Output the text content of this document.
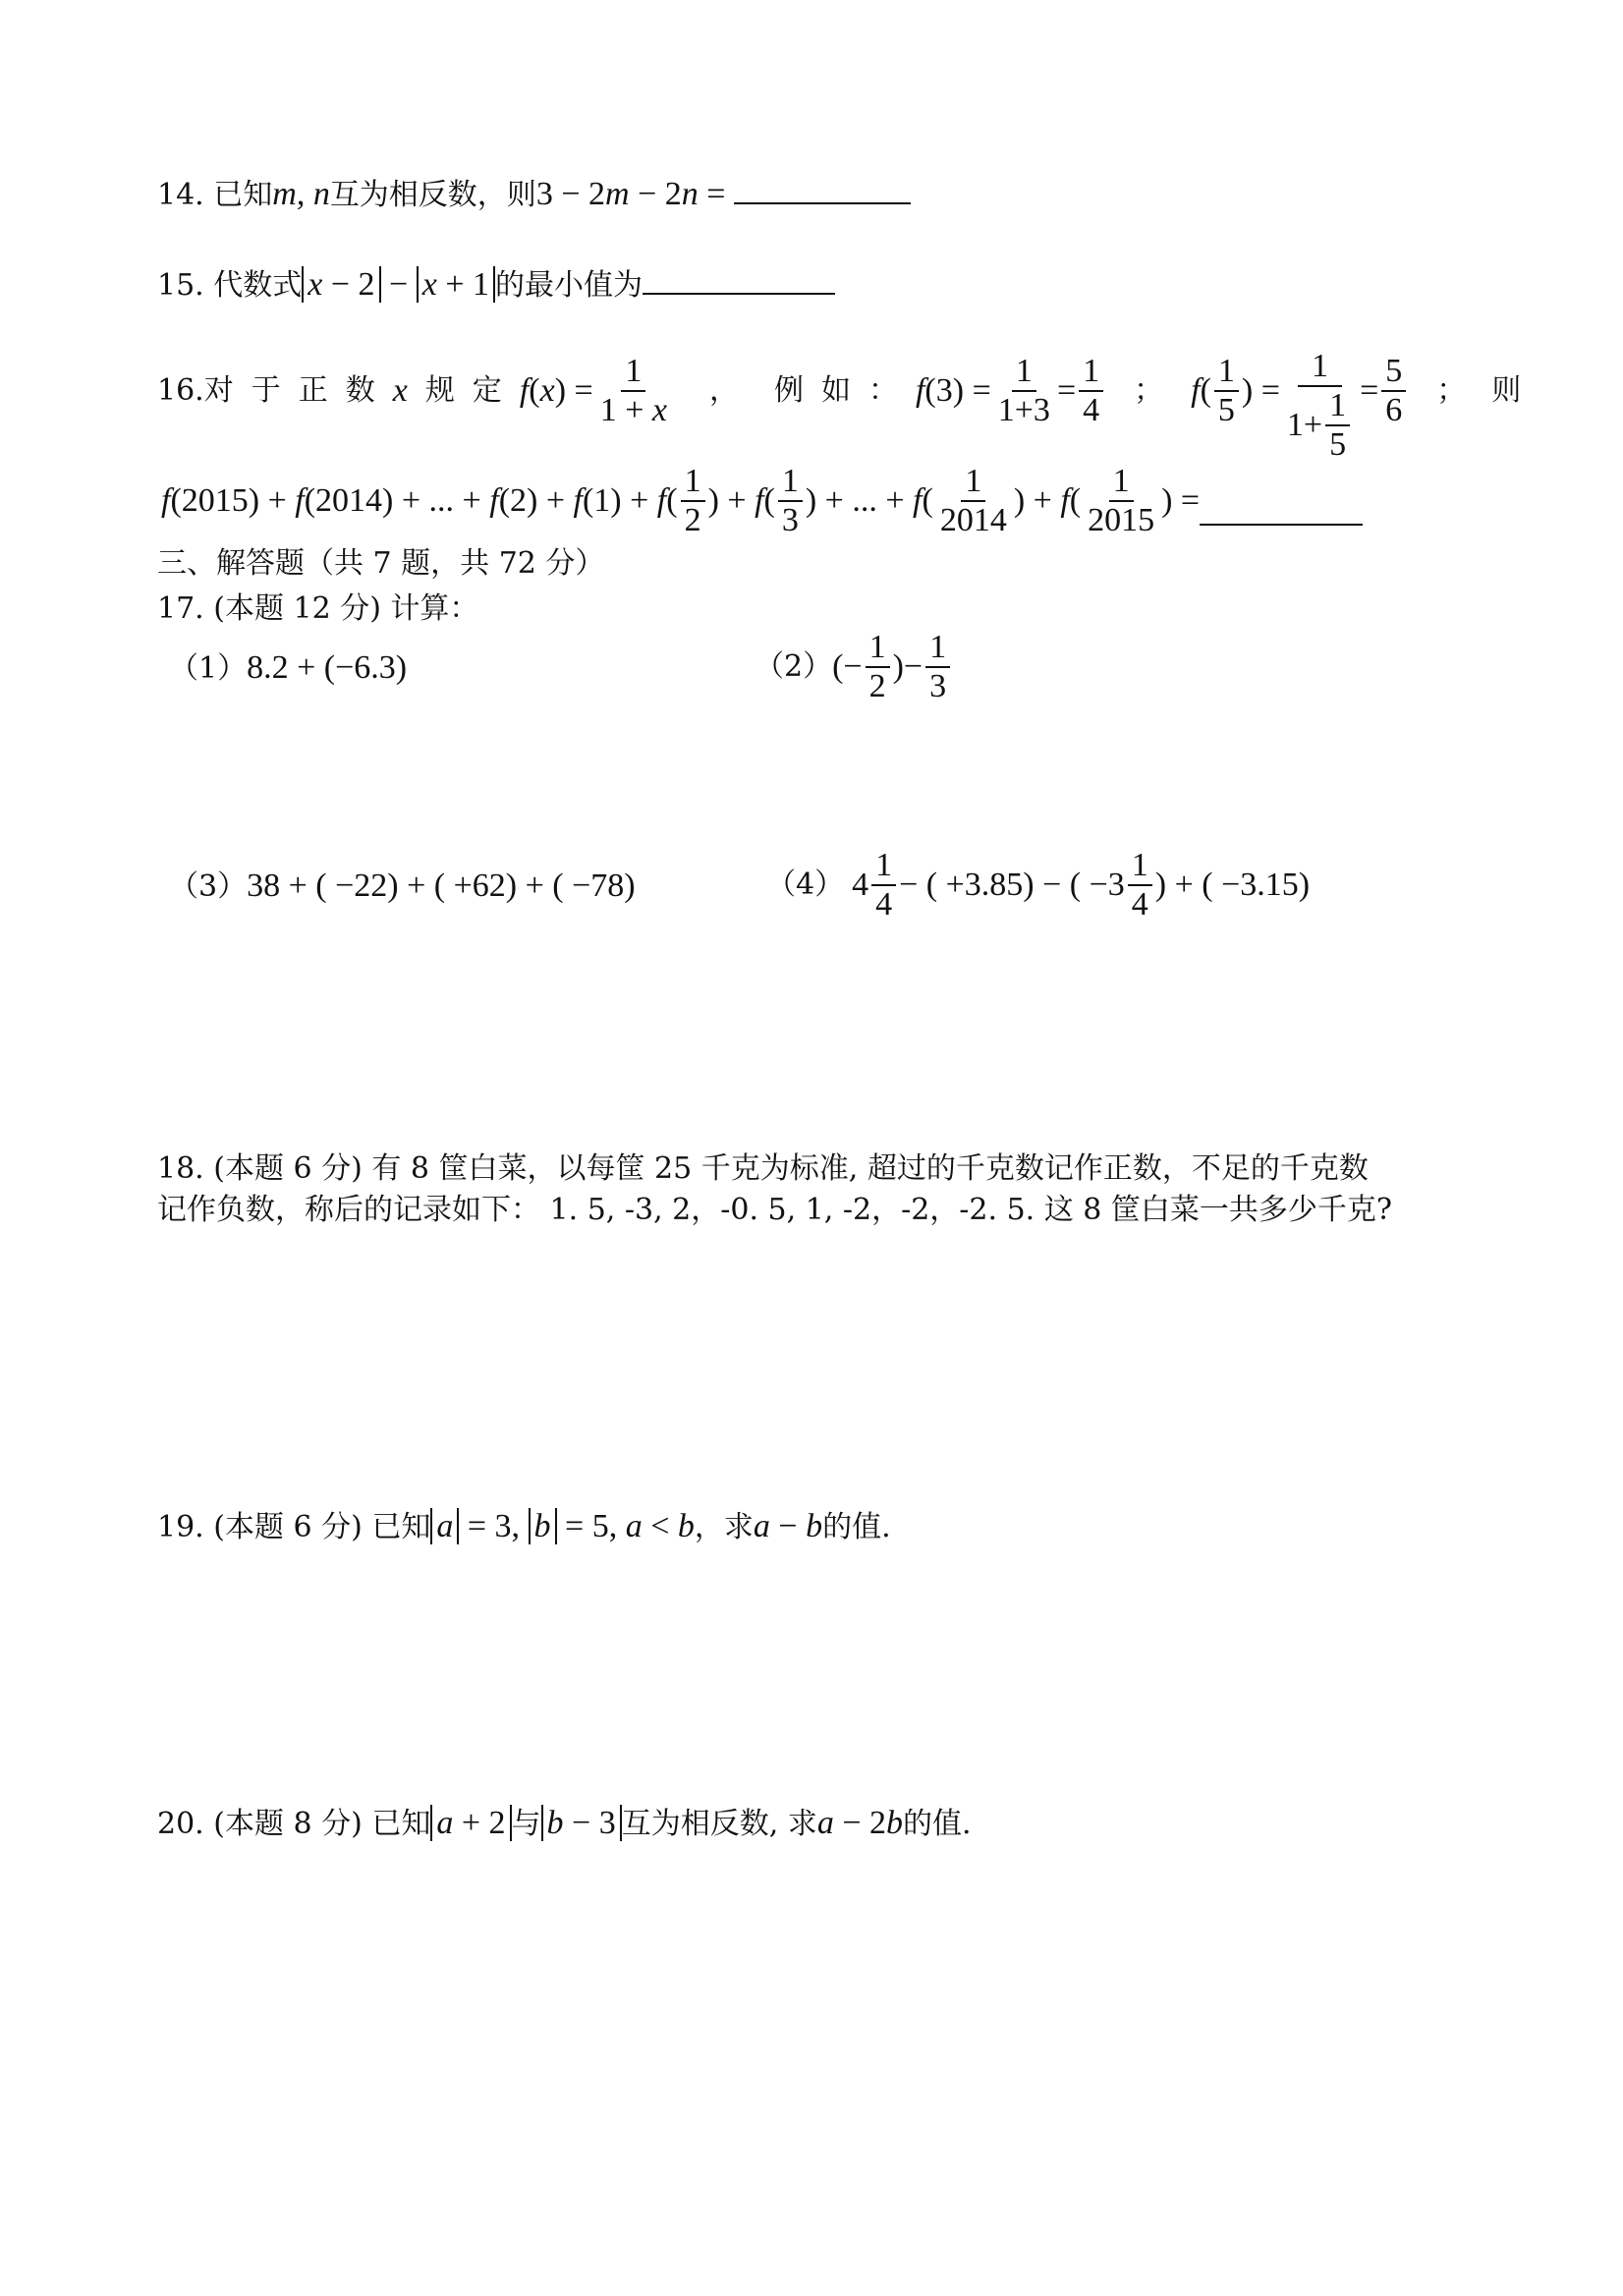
14. 已知m, n互为相反数，则3 − 2m − 2n =
15. 代数式 x − 2 − x + 1 的最小值为
16. 对于正数 x 规定 $f(x) = \frac{1}{1 + x}$ ， 例如： $f(3) = \frac{1}{1+3} = \frac{1}{4}$ ； $f( \frac{1}{5}$ ) = $\frac{1}{1+ \frac{1}{5}} = \frac{5}{6}$ ； 则
f(2015) + f(2014) + ... + $f(2) + f(1) + f( \frac{1}{2}$ ) + $f( \frac{1}{3}$ ) + ... + $f( \frac{1}{2014}$ ) + $f( \frac{1}{2015}$ ) =
三、解答题（共 7 题，共 72 分）
17. (本题 12 分) 计算：
（1）8.2 + (−6.3)	（2） (− $\frac{1}{2}$ )− $\frac{1}{3}$
（3）38 + ( −22) + ( +62) + ( −78)	（4） $4 \frac{1}{4}$ − ( +3.85) − ( $-3 \frac{1}{4}$ ) + ( −3.15)
18. (本题 6 分) 有 8 筐白菜，以每筐 25 千克为标准, 超过的千克数记作正数，不足的千克数
记作负数，称后的记录如下： 1. 5, -3, 2，-0. 5, 1, -2，-2，-2. 5. 这 8 筐白菜一共多少千克?
19. (本题 6 分) 已知 a = 3, b = 5, a < b，求a − b的值.
20. (本题 8 分) 已知 a + 2 与 b − 3 互为相反数, 求a − 2b的值.
